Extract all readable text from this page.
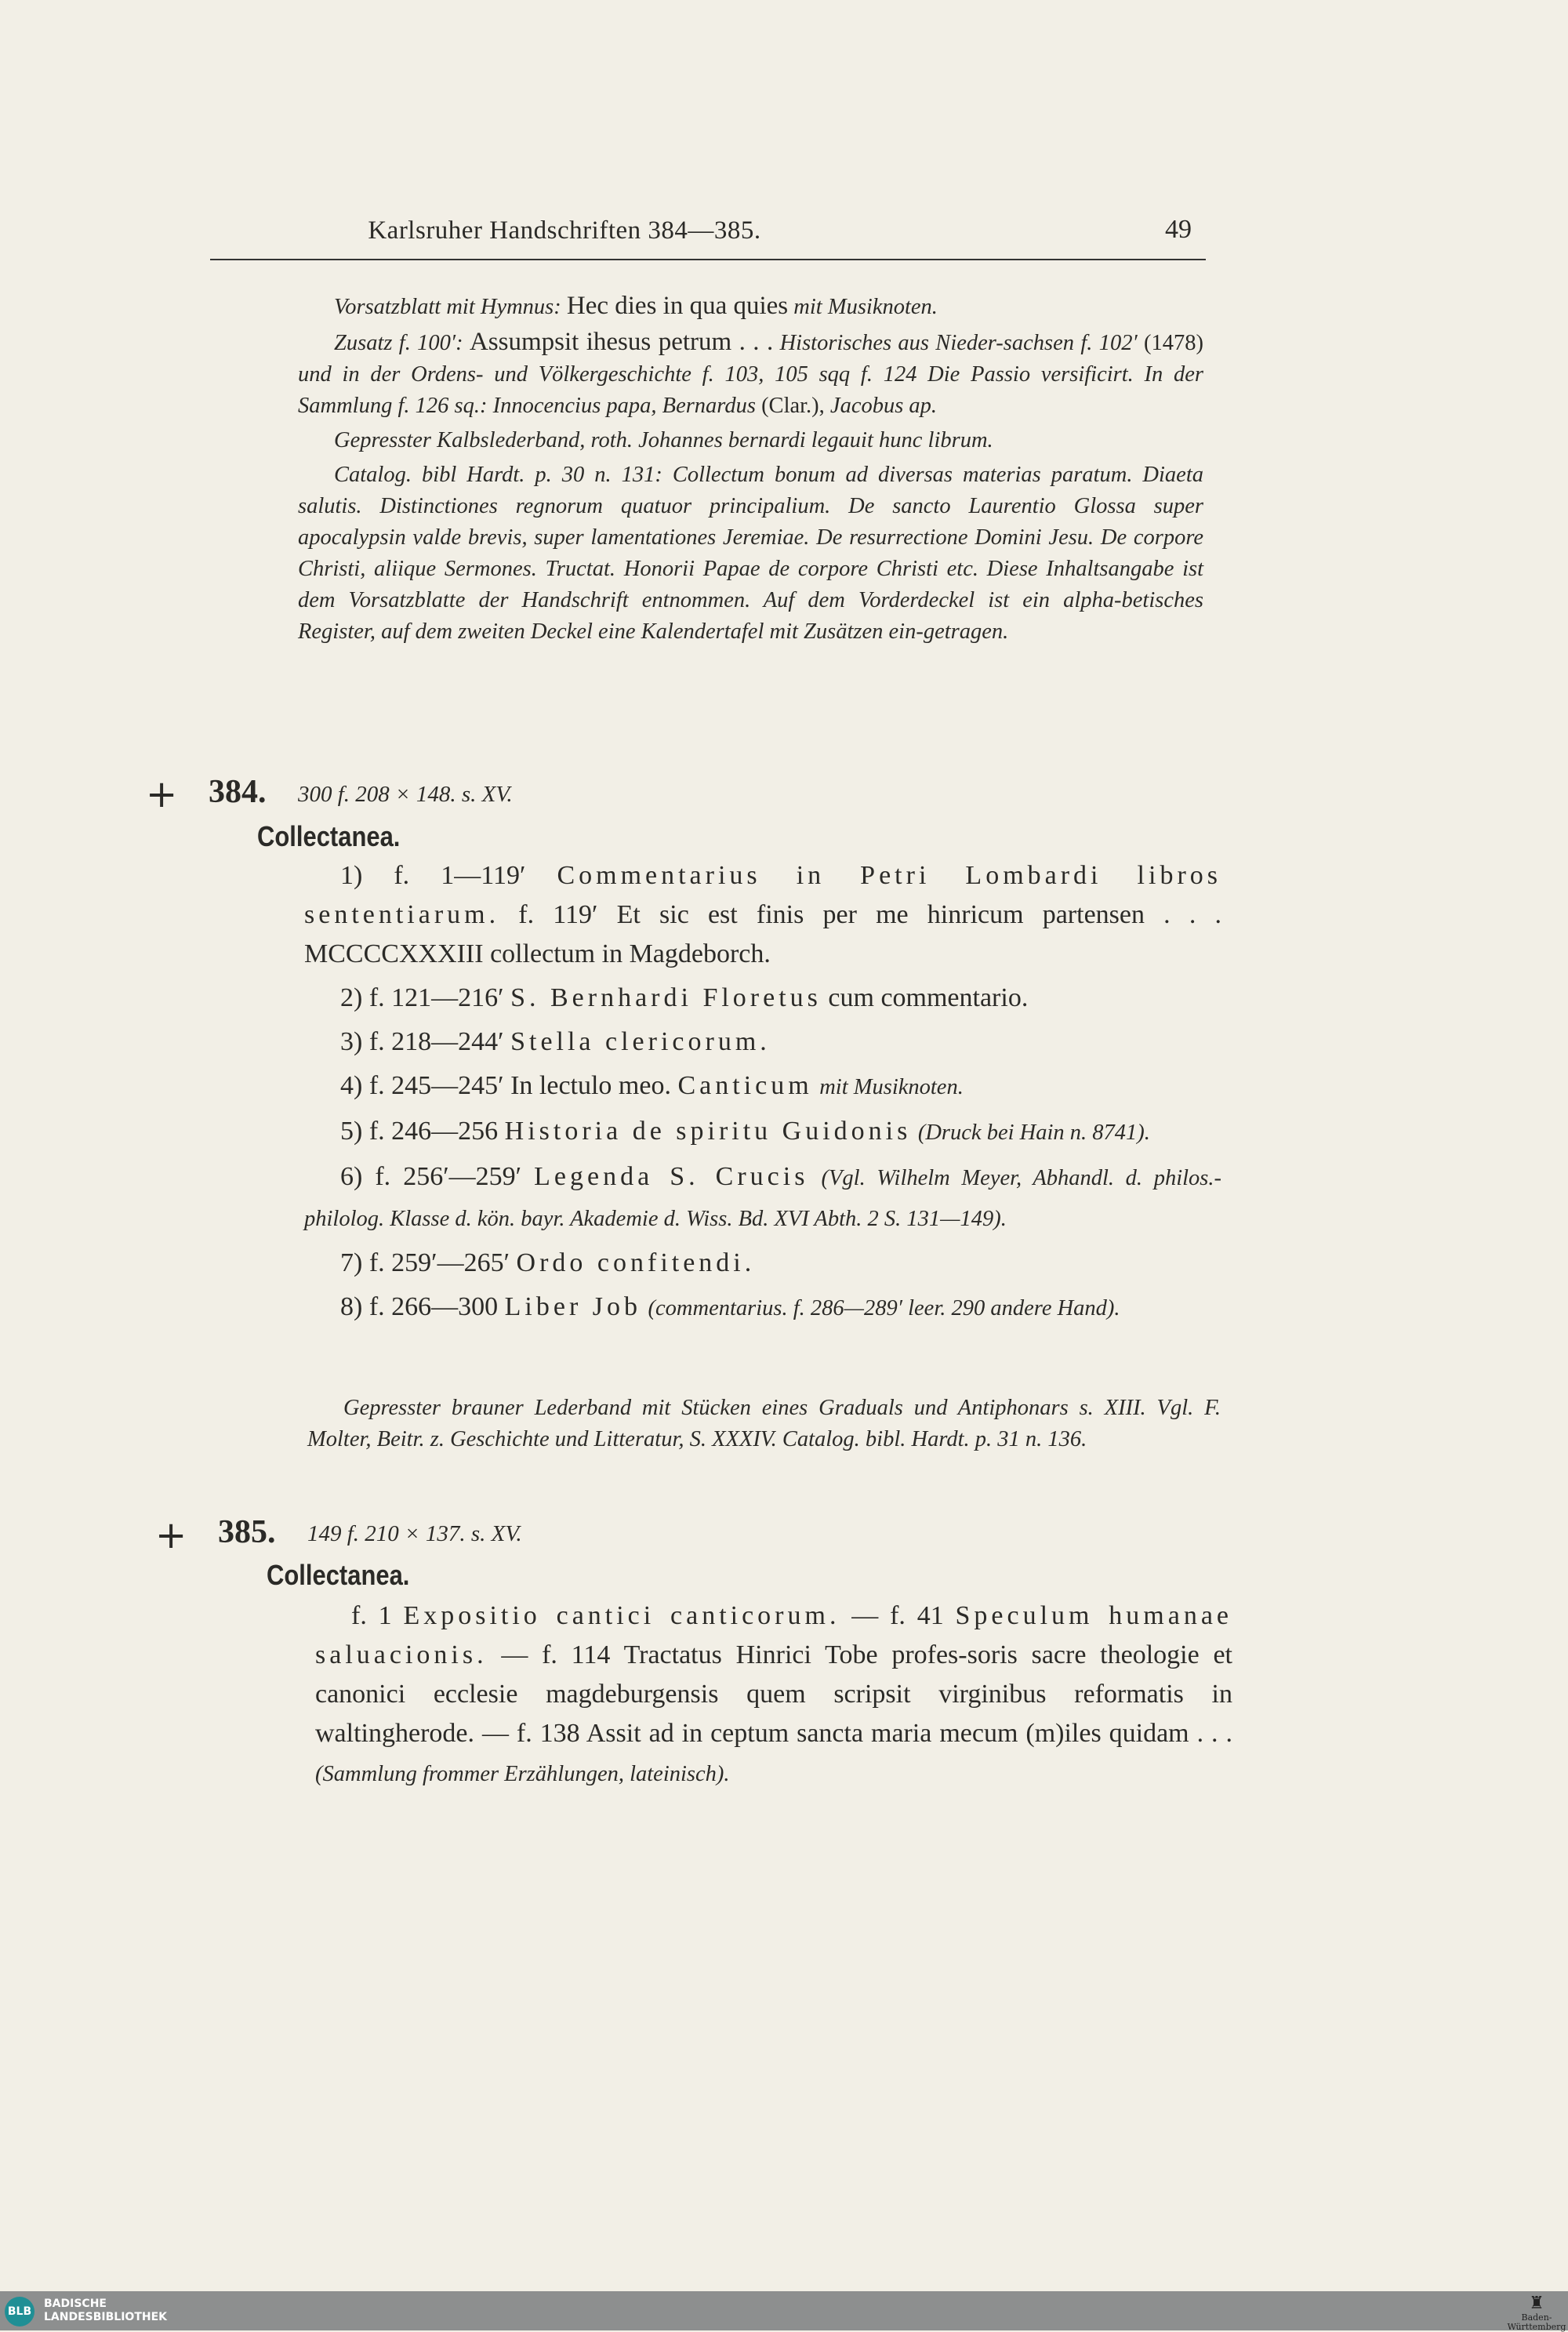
Karlsruher Handschriften 384—385.	49

Vorsatzblatt mit Hymnus: Hec dies in qua quies mit Musiknoten.

Zusatz f. 100′: Assumpsit ihesus petrum . . . Historisches aus Nieder-sachsen f. 102′ (1478) und in der Ordens- und Völkergeschichte f. 103, 105 sqq f. 124 Die Passio versificirt. In der Sammlung f. 126 sq.: Innocencius papa, Bernardus (Clar.), Jacobus ap.

Gepresster Kalbslederband, roth. Johannes bernardi legauit hunc librum.

Catalog. bibl Hardt. p. 30 n. 131: Collectum bonum ad diversas materias paratum. Diaeta salutis. Distinctiones regnorum quatuor principalium. De sancto Laurentio Glossa super apocalypsin valde brevis, super lamentationes Jeremiae. De resurrectione Domini Jesu. De corpore Christi, aliique Sermones. Tructat. Honorii Papae de corpore Christi etc. Diese Inhaltsangabe ist dem Vorsatzblatte der Handschrift entnommen. Auf dem Vorderdeckel ist ein alpha-betisches Register, auf dem zweiten Deckel eine Kalendertafel mit Zusätzen ein-getragen.

+ 384. 300 f. 208 × 148. s. XV.
Collectanea.

1) f. 1—119′ Commentarius in Petri Lombardi libros sententiarum. f. 119′ Et sic est finis per me hinricum partensen . . . MCCCCXXXIII collectum in Magdeborch.

2) f. 121—216′ S. Bernhardi Floretus cum commentario.

3) f. 218—244′ Stella clericorum.

4) f. 245—245′ In lectulo meo. Canticum mit Musiknoten.

5) f. 246—256 Historia de spiritu Guidonis (Druck bei Hain n. 8741).

6) f. 256′—259′ Legenda S. Crucis (Vgl. Wilhelm Meyer, Abhandl. d. philos.-philolog. Klasse d. kön. bayr. Akademie d. Wiss. Bd. XVI Abth. 2 S. 131—149).

7) f. 259′—265′ Ordo confitendi.

8) f. 266—300 Liber Job (commentarius. f. 286—289′ leer. 290 andere Hand).

Gepresster brauner Lederband mit Stücken eines Graduals und Antiphonars s. XIII. Vgl. F. Molter, Beitr. z. Geschichte und Litteratur, S. XXXIV. Catalog. bibl. Hardt. p. 31 n. 136.
+ 385. 149 f. 210 × 137. s. XV.
Collectanea.

f. 1 Expositio cantici canticorum. — f. 41 Speculum humanae saluacionis. — f. 114 Tractatus Hinrici Tobe profes-soris sacre theologie et canonici ecclesie magdeburgensis quem scripsit virginibus reformatis in waltingherode. — f. 138 Assit ad in ceptum sancta maria mecum (m)iles quidam . . . (Sammlung frommer Erzählungen, lateinisch).

BLB
BADISCHE
LANDESBIBLIOTHEK
♜
Baden-Württemberg
